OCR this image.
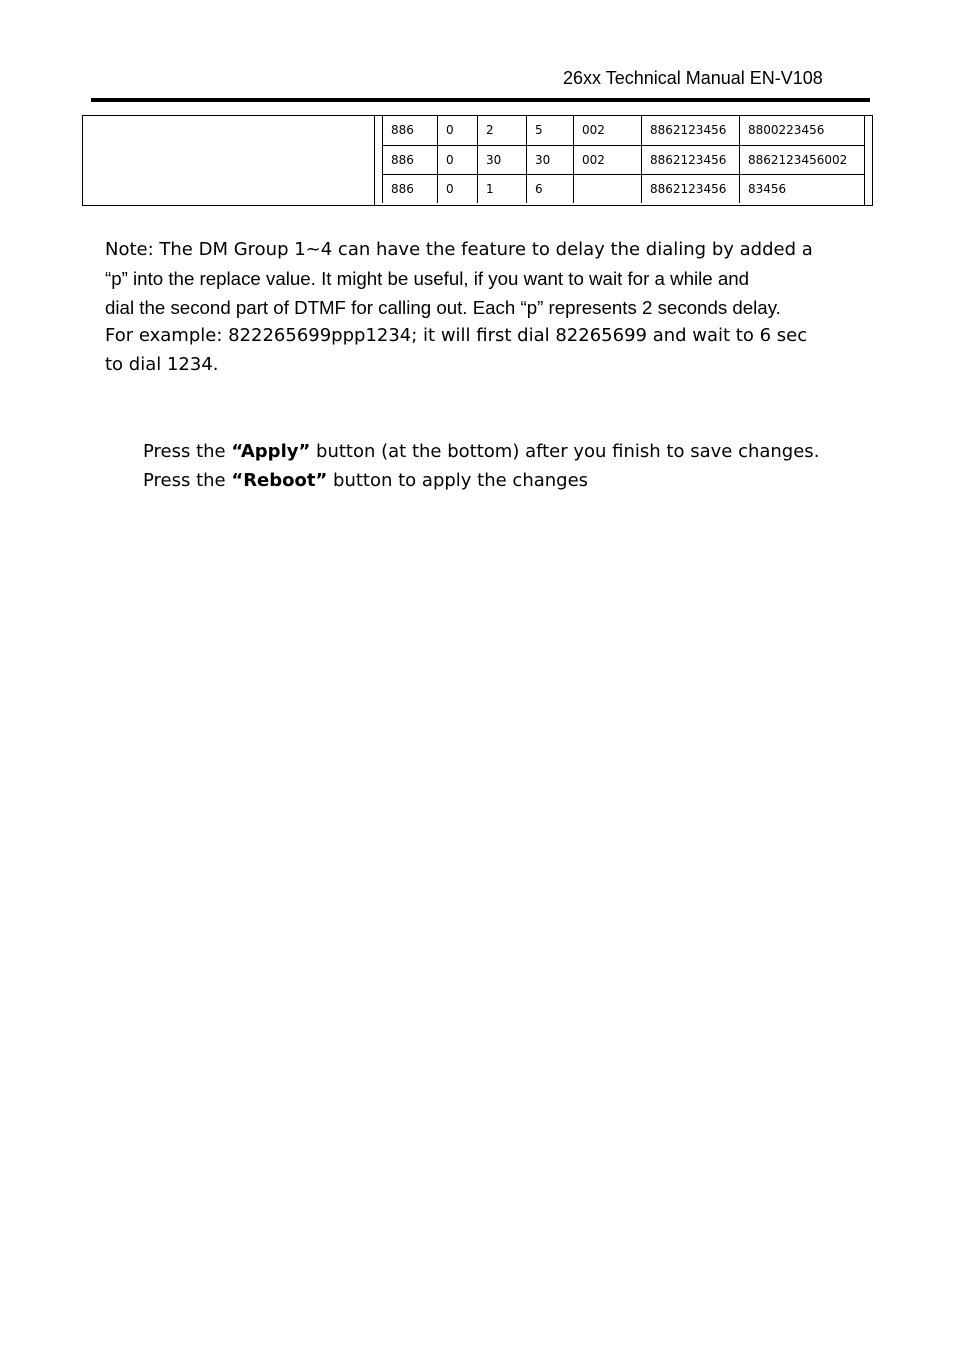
26xx Technical Manual EN-V108
886	0	2	5	002	8862123456	8800223456
886	0	30	30	002	8862123456	8862123456002
886	0	1	6		8862123456	83456
Note: The DM Group 1~4 can have the feature to delay the dialing by added a
“p” into the replace value. It might be useful, if you want to wait for a while and
dial the second part of DTMF for calling out. Each “p” represents 2 seconds delay.
For example: 822265699ppp1234; it will first dial 82265699 and wait to 6 sec
to dial 1234.
Press the “Apply” button (at the bottom) after you finish to save changes.
Press the “Reboot” button to apply the changes
